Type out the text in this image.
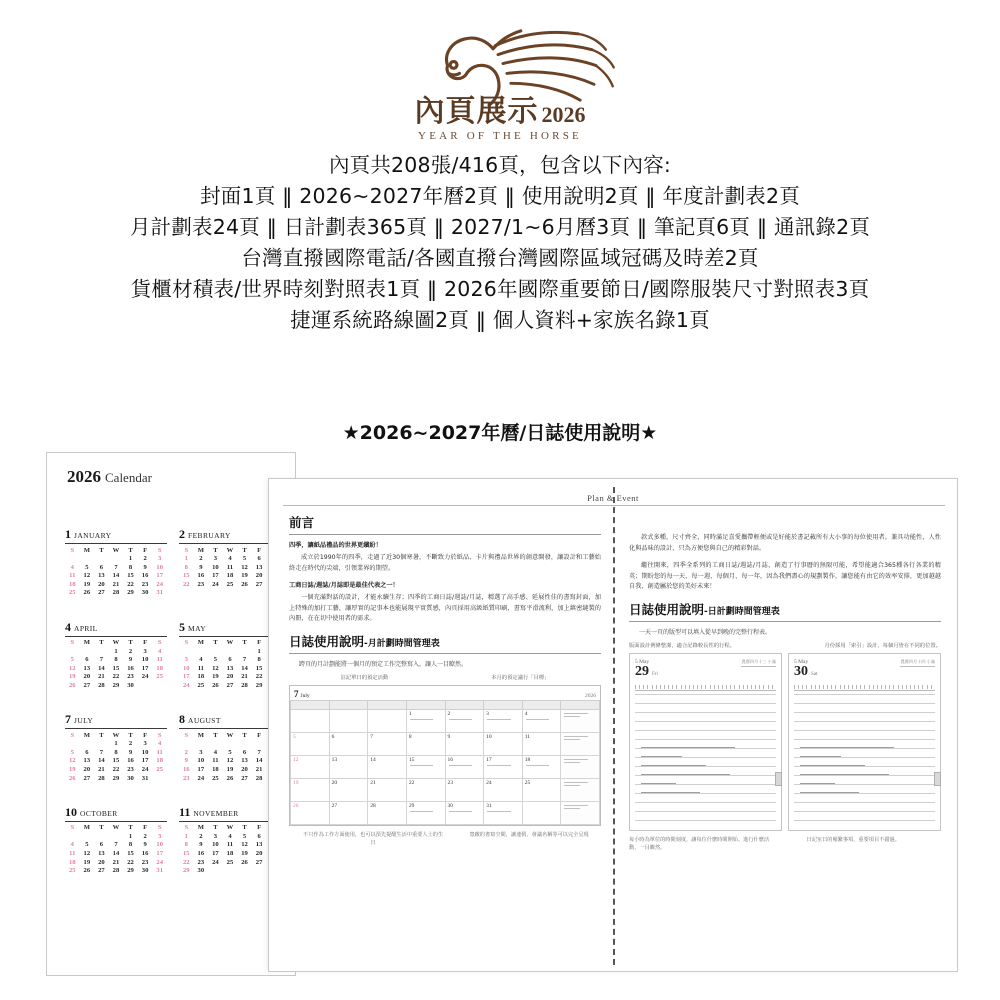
內頁展示 2026
YEAR OF THE HORSE
內頁共208張/416頁，包含以下內容:
封面1頁 ‖ 2026~2027年曆2頁 ‖ 使用說明2頁 ‖ 年度計劃表2頁
月計劃表24頁 ‖ 日計劃表365頁 ‖ 2027/1~6月曆3頁 ‖ 筆記頁6頁 ‖ 通訊錄2頁
台灣直撥國際電話/各國直撥台灣國際區域冠碼及時差2頁
貨櫃材積表/世界時刻對照表1頁 ‖ 2026年國際重要節日/國際服裝尺寸對照表3頁
捷運系統路線圖2頁 ‖ 個人資料+家族名錄1頁
★2026~2027年曆/日誌使用說明★
2026 Calendar
1 JANUARY
S	M	T	W	T	F	S
				1	2	3
4	5	6	7	8	9	10
11	12	13	14	15	16	17
18	19	20	21	22	23	24
25	26	27	28	29	30	31
2 FEBRUARY
S	M	T	W	T	F	
1	2	3	4	5	6	
8	9	10	11	12	13	
15	16	17	18	19	20	
22	23	24	25	26	27	

4 APRIL
S	M	T	W	T	F	S
			1	2	3	4
5	6	7	8	9	10	11
12	13	14	15	16	17	18
19	20	21	22	23	24	25
26	27	28	29	30		
5 MAY
S	M	T	W	T	F	
					1	
3	4	5	6	7	8	
10	11	12	13	14	15	
17	18	19	20	21	22	
24	25	26	27	28	29	
7 JULY
S	M	T	W	T	F	S
			1	2	3	4
5	6	7	8	9	10	11
12	13	14	15	16	17	18
19	20	21	22	23	24	25
26	27	28	29	30	31	
8 AUGUST
S	M	T	W	T	F	

2	3	4	5	6	7	
9	10	11	12	13	14	
16	17	18	19	20	21	
23	24	25	26	27	28	
10 OCTOBER
S	M	T	W	T	F	S
				1	2	3
4	5	6	7	8	9	10
11	12	13	14	15	16	17
18	19	20	21	22	23	24
25	26	27	28	29	30	31
11 NOVEMBER
S	M	T	W	T	F	
1	2	3	4	5	6	
8	9	10	11	12	13	
15	16	17	18	19	20	
22	23	24	25	26	27	
29	30					
Plan & Event
前言

四季，讓紙品禮品的世界更繽紛！

成立於1990年的四季，走過了近30個寒暑，不斷致力於紙品、卡片與禮品世界的創意開發，讓設計和工藝始終走在時代的尖端，引領業界的期望。

工商日誌/週誌/月誌即是最佳代表之一！

一個充滿對話的設計，才能永續生存；四季的工商日誌/週誌/月誌，精選了高手感、延展性佳的書寫封面，加上特殊的加打工藝，讓厚實的記事本也能展現平實質感，內頁採用高級紙質印刷，書寫平滑流利，加上縝密縫製的內冊，在在切中使用者的需求。

日誌使用說明-月計劃時間管理表

跨頁的月計劃能將一個月的預定工作完整寫入，讓人一目瞭然。

註記單日的預定活動	本月的預定議行「目標」
7 July	2026

			1	2	3	4

5	6	7	8	9	10	11	

12	13	14	15	16	17	18

19	20	21	22	23	24	25	

26	27	28	29	30	31

不只作為工作方面使用，也可以預先提醒生活中重要人士的生日
寬敞的書寫空間，讓連假、會議名稱等可以完全呈現

款式多種，尺寸齊全，同時滿足喜愛攜帶輕便或是好能於書記載所有大小事的每位使用者。兼具功能性、人性化與品味的設計，只為方便您與自己的精彩對話。

繼往開來，四季全系列的工商日誌/週誌/月誌，創造了行事曆的無限可能，希望能適合365種各行各業的精英；期盼您的每一天、每一週、每個月、每一年，因為我們盡心的規劃製作，讓您能有由它的效率安排，更加越越自我，創造屬於您的美好未來！

日誌使用說明-日計劃時間管理表

一天一頁的版型可以填入從早到晚的完整行程表。

版面設計例條整潔，適合記錄較長性的行程。	月份採用「索引」設計，每個月皆在不同的位置。
5 May
29 Fri
農曆四月十三 小滿	5 May
30 Sat
農曆四月十四 小滿
每小時為單位的時間刻度，讓每位什麼時間開始、進行什麼活動，一目瞭然。
日記室日的頻繁事項，重要項目不錯過。
